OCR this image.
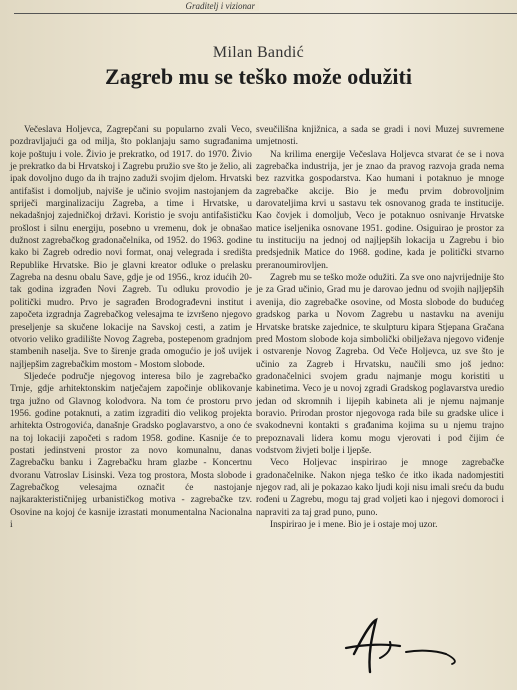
Graditelj i vizionar
Milan Bandić
Zagreb mu se teško može odužiti

Večeslava Holjevca, Zagrepčani su popularno zvali Veco, pozdravljajući ga od milja, što poklanjaju samo sugrađanima koje poštuju i vole. Živio je prekratko, od 1917. do 1970. Živio je prekratko da bi Hrvatskoj i Zagrebu pružio sve što je želio, ali ipak dovoljno dugo da ih trajno zaduži svojim djelom. Hrvatski antifašist i domoljub, najviše je učinio svojim nastojanjem da spriječi marginalizaciju Zagreba, a time i Hrvatske, u nekadašnjoj zajedničkoj državi. Koristio je svoju antifašističku prošlost i silnu energiju, posebno u vremenu, dok je obnašao dužnost zagrebačkog gradonačelnika, od 1952. do 1963. godine kako bi Zagreb odredio novi format, onaj velegrada i središta Republike Hrvatske. Bio je glavni kreator odluke o prelasku Zagreba na desnu obalu Save, gdje je od 1956., kroz idućih 20-tak godina izgrađen Novi Zagreb. Tu odluku provodio je politički mudro. Prvo je sagrađen Brodograđevni institut i započeta izgradnja Zagrebačkog velesajma te izvršeno njegovo preseljenje sa skučene lokacije na Savskoj cesti, a zatim je otvorio veliko gradilište Novog Zagreba, postepenom gradnjom stambenih naselja. Sve to širenje grada omogućio je još uvijek najljepšim zagrebačkim mostom - Mostom slobode.

Sljedeće područje njegovog interesa bilo je zagrebačko Trnje, gdje arhitektonskim natječajem započinje oblikovanje trga južno od Glavnog kolodvora. Na tom će prostoru prvo 1956. godine potaknuti, a zatim izgraditi dio velikog projekta arhitekta Ostrogovića, današnje Gradsko poglavarstvo, a ono će na toj lokaciji započeti s radom 1958. godine. Kasnije će to postati jedinstveni prostor za novo komunalnu, danas Zagrebačku banku i Zagrebačku hram glazbe - Koncertnu dvoranu Vatroslav Lisinski. Veza tog prostora, Mosta slobode i Zagrebačkog velesajma označit će nastojanje najkarakterističnijeg urbanističkog motiva - zagrebačke tzv. Osovine na kojoj će kasnije izrastati monumentalna Nacionalna i

sveučilišna knjižnica, a sada se gradi i novi Muzej suvremene umjetnosti.

Na krilima energije Večeslava Holjevca stvarat će se i nova zagrebačka industrija, jer je znao da pravog razvoja grada nema bez razvitka gospodarstva. Kao humani i potaknuo je mnoge zagrebačke akcije. Bio je među prvim dobrovoljnim darovateljima krvi u sastavu tek osnovanog grada te institucije. Kao čovjek i domoljub, Veco je potaknuo osnivanje Hrvatske matice iseljenika osnovane 1951. godine. Osiguirao je prostor za tu instituciju na jednoj od najljepših lokacija u Zagrebu i bio predsjednik Matice do 1968. godine, kada je politički stvarno preranoumirovljen.

Zagreb mu se teško može odužiti. Za sve ono najvrijednije što je za Grad učinio, Grad mu je darovao jednu od svojih najljepših avenija, dio zagrebačke osovine, od Mosta slobode do budućeg gradskog parka u Novom Zagrebu u nastavku na aveniju Hrvatske bratske zajednice, te skulpturu kipara Stjepana Gračana pred Mostom slobode koja simbolički obilježava njegovo viđenje i ostvarenje Novog Zagreba. Od Veče Holjevca, uz sve što je učinio za Zagreb i Hrvatsku, naučili smo još jedno: gradonačelnici svojem gradu najmanje mogu koristiti u kabinetima. Veco je u novoj zgradi Gradskog poglavarstva uredio jedan od skromnih i lijepih kabineta ali je njemu najmanje boravio. Prirodan prostor njegovoga rada bile su gradske ulice i svakodnevni kontakti s građanima kojima su u njemu trajno prepoznavali lidera komu mogu vjerovati i pod čijim će vodstvom živjeti bolje i ljepše.

Veco Holjevac inspirirao je mnoge zagrebačke gradonačelnike. Nakon njega teško će itko ikada nadomjestiti njegov rad, ali je pokazao kako ljudi koji nisu imali sreću da budu rođeni u Zagrebu, mogu taj grad voljeti kao i njegovi domoroci i napraviti za taj grad puno, puno.

Inspirirao je i mene. Bio je i ostaje moj uzor.
